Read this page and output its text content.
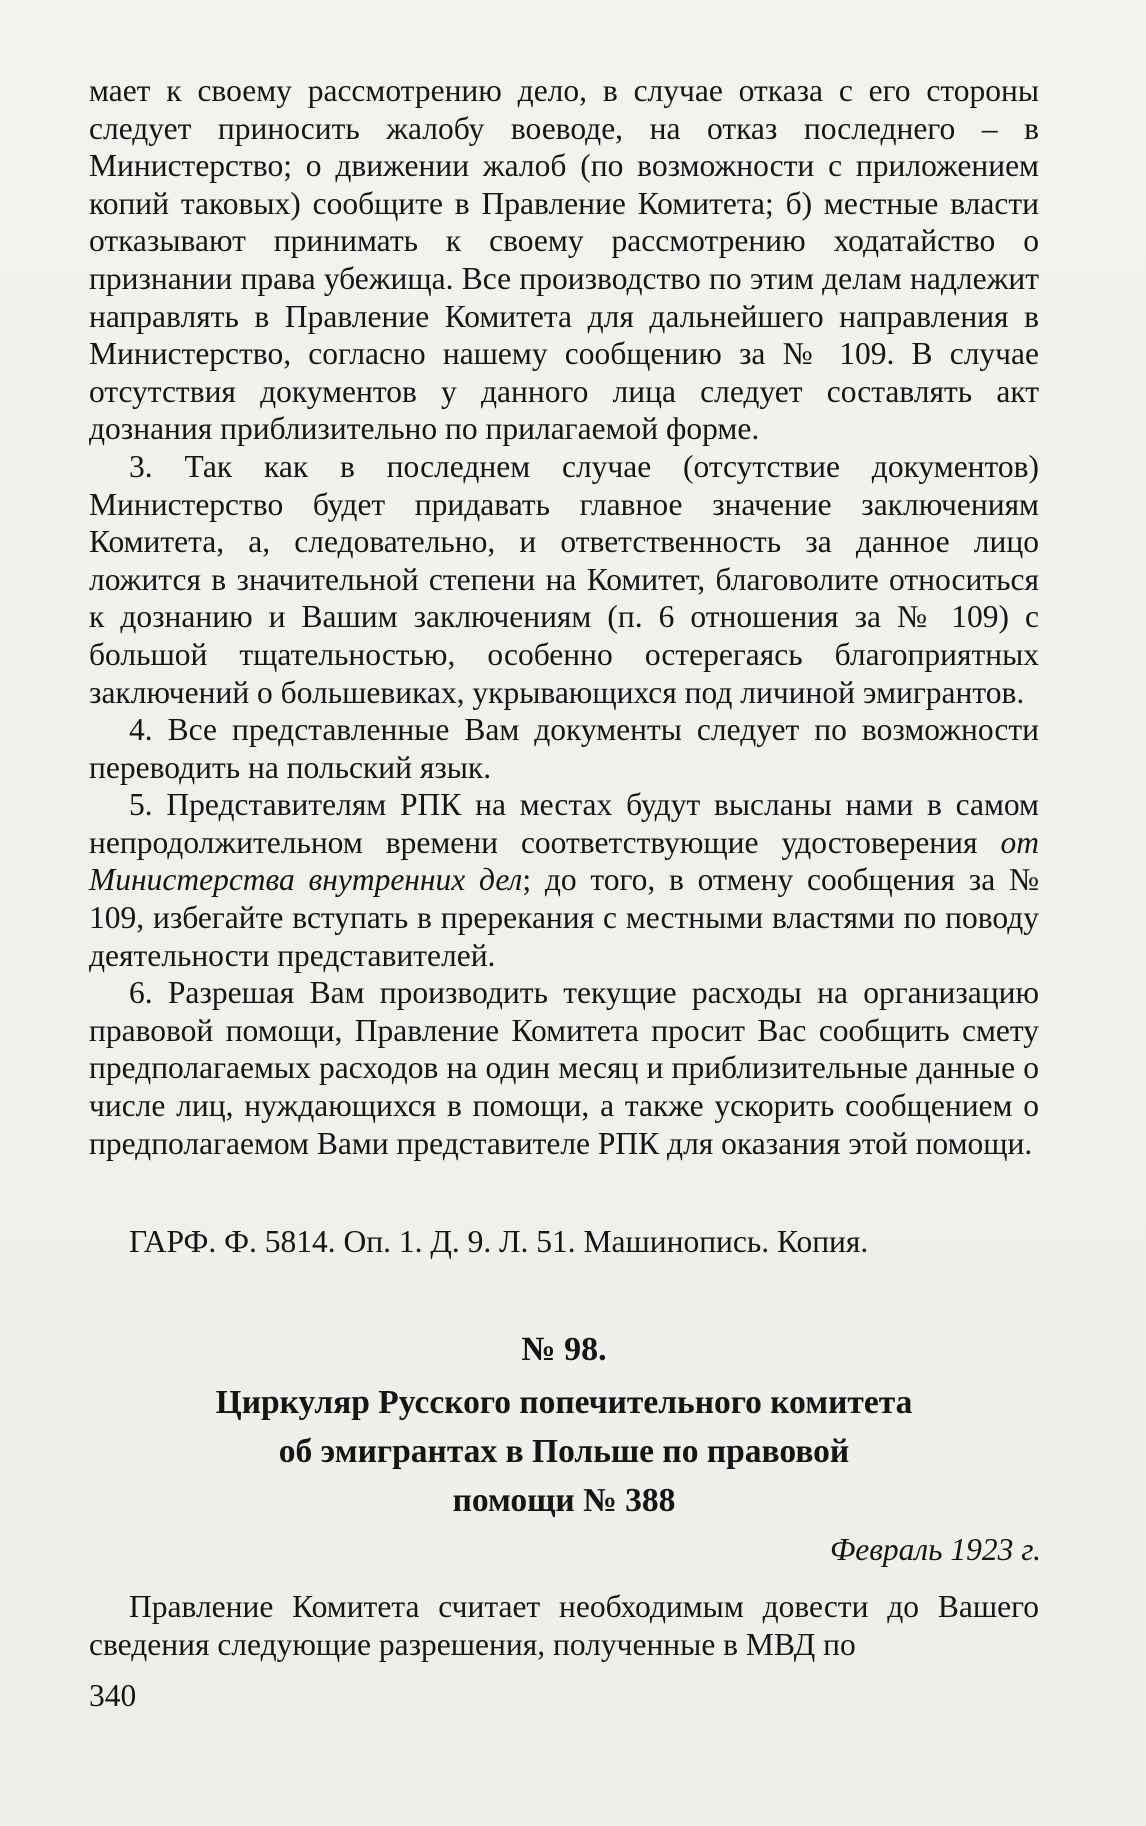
мает к своему рассмотрению дело, в случае отказа с его стороны следует приносить жалобу воеводе, на отказ последнего – в Министерство; о движении жалоб (по возможности с приложением копий таковых) сообщите в Правление Комитета; б) местные власти отказывают принимать к своему рассмотрению ходатайство о признании права убежища. Все производство по этим делам надлежит направлять в Правление Комитета для дальнейшего направления в Министерство, согласно нашему сообщению за № 109. В случае отсутствия документов у данного лица следует составлять акт дознания приблизительно по прилагаемой форме.

3. Так как в последнем случае (отсутствие документов) Министерство будет придавать главное значение заключениям Комитета, а, следовательно, и ответственность за данное лицо ложится в значительной степени на Комитет, благоволите относиться к дознанию и Вашим заключениям (п. 6 отношения за № 109) с большой тщательностью, особенно остерегаясь благоприятных заключений о большевиках, укрывающихся под личиной эмигрантов.

4. Все представленные Вам документы следует по возможности переводить на польский язык.

5. Представителям РПК на местах будут высланы нами в самом непродолжительном времени соответствующие удостоверения от Министерства внутренних дел; до того, в отмену сообщения за № 109, избегайте вступать в пререкания с местными властями по поводу деятельности представителей.

6. Разрешая Вам производить текущие расходы на организацию правовой помощи, Правление Комитета просит Вас сообщить смету предполагаемых расходов на один месяц и приблизительные данные о числе лиц, нуждающихся в помощи, а также ускорить сообщением о предполагаемом Вами представителе РПК для оказания этой помощи.

ГАРФ. Ф. 5814. Оп. 1. Д. 9. Л. 51. Машинопись. Копия.
№ 98.
Циркуляр Русского попечительного комитета
об эмигрантах в Польше по правовой
помощи № 388
Февраль 1923 г.

Правление Комитета считает необходимым довести до Вашего сведения следующие разрешения, полученные в МВД по

340
